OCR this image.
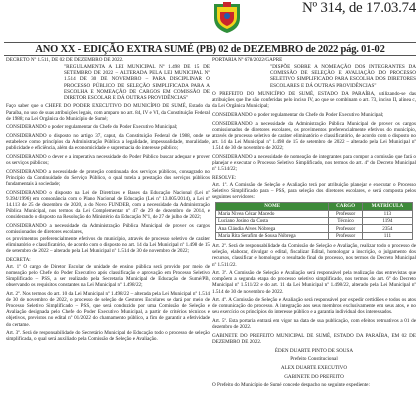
Nº 314, de 17.03.74
ANO XX - EDIÇÃO EXTRA SUMÉ (PB) 02 de DEZEMBRO de 2022 pág. 01-02

DECRETO Nº 1.511, DE 02 DE DEZEMBRO DE 2022.

"REGULAMENTA A LEI MUNICIPAL Nº 1.498 DE 15 DE SETEMBRO DE 2022 – ALTERADA PELA LEI MUNICIPAL Nº 1.514 DE 30 DE NOVEMBRO – PARA DISCIPLINAR O PROCESSO PÚBLICO DE SELEÇÃO SIMPLIFICADA PARA A ESCOLHA E NOMEAÇÃO DE CARGOS EM COMISSÃO DE DIRETOR ESCOLAR E DÁ OUTRAS PROVIDÊNCIAS"

Faço saber que o CHEFE DO PODER EXECUTIVO DO MUNICÍPIO DE SUMÉ, Estado da Paraíba, no uso de suas atribuições legais, com amparo no art. 84, IV e VI, da Constituição Federal de 1988; na Lei Orgânica do Município de Sumé;

CONSIDERANDO o poder regulamentar do Chefe do Poder Executivo Municipal;

CONSIDERANDO o disposto no artigo 37, caput, da Constituição Federal de 1988, onde se estabelece como princípios da Administração Pública a legalidade, impessoalidade, moralidade, publicidade e eficiência, além da economicidade e supremacia do interesse público;

CONSIDERANDO o dever e a imperativa necessidade do Poder Público buscar adequar e prover os serviços públicos;

CONSIDERANDO a necessidade de proteção continuada dos serviços públicos, consagrado no Princípio da Continuidade do Serviço Público, o qual tutela a prestação dos serviços públicos fundamentais à sociedade;

CONSIDERANDO o disposto na Lei de Diretrizes e Bases da Educação Nacional (Lei nº 9.394/1996) em consonância com o Plano Nacional de Educação (Lei nº 13.005/2014), a Lei nº 14.113 de 25 de dezembro de 2020, a do Novo FUNDEB, com a necessidade da Administração Pública Municipal, nos termos da Lei Complementar nº 47 de 29 de dezembro de 2014, e considerando o disposto na Resolução do Ministério da Educação Nº1, de 27 de julho de 2022;

CONSIDERANDO a necessidade da Administração Pública Municipal de prover os cargos comissionados de diretores escolares,

os provimentos preferencialmente efetivos do município, através de processo seletivo de caráter eliminatório e classificatório, de acordo com o disposto no art. 14 da Lei Municipal nº 1.498 de 15 de setembro de 2022 – alterado pela Lei Municipal nº 1.514 de 30 de novembro de 2022;

DECRETA:

Art. 1º O cargo de Diretor Escolar de unidade de ensino pública será provido por meio de nomeação pelo Chefe do Poder Executivo após classificação e aprovação em Processo Seletivo Simplificado – PSS, a ser realizado pela Secretaria Municipal de Educação de Sumé/PB, observando os requisitos constantes na Lei Municipal nº 1.498/22;

Art. 2º. Nos termos do art. 10 da Lei Municipal nº 1.498/22 – alterada pela Lei Municipal nº 1.514 de 30 de novembro de 2022, o processo de seleção de Gestores Escolares se dará por meio de Processo Seletivo Simplificado – PSS, que será conduzido por uma Comissão de Seleção e Avaliação designada pelo Chefe do Poder Executivo Municipal, a partir de critérios técnicos e objetivos, previstos no edital nº 01/2022 do chamamento público, a fim de garantir a efetividade do certame.

Art. 3º. Será de responsabilidade do Secretário Municipal de Educação todo o processo de seleção simplificada, o qual será auxiliado pela Comissão de Seleção e Avaliação.

PORTARIA Nº 678/2022/GAPRE

"DISPÕE SOBRE A NOMEAÇÃO DOS INTEGRANTES DA COMISSÃO DE SELEÇÃO E AVALIAÇÃO DO PROCESSO SELETIVO SIMPLIFICADO PARA ESCOLHA DOS DIRETORES ESCOLARES E DÁ OUTRAS PROVIDÊNCIAS"

O PREFEITO DO MUNICÍPIO DE SUMÉ, ESTADO DA PARAÍBA, utilizando-se das atribuições que lhe são conferidas pelo inciso IV, ao que se combinam o art. 73, inciso II, alínea c, da Lei Orgânica Municipal;

CONSIDERANDO o poder regulamentar do Chefe do Poder Executivo Municipal;

CONSIDERANDO a necessidade da Administração Pública Municipal de prover os cargos comissionados de diretores escolares, os provimentos preferencialmente efetivos do município, através de processo seletivo de caráter eliminatório e classificatório, de acordo com o disposto no art. 14 da Lei Municipal nº 1.498 de 15 de setembro de 2022 – alterado pela Lei Municipal nº 1.514 de 30 de novembro de 2022;

CONSIDERANDO a necessidade de nomeação de integrantes para compor a comissão que fará o planejar e executar o Processo Seletivo Simplificado, nos termos do art. 4º do Decreto Municipal nº 1.514/22;

RESOLVE:

Art. 1º. A Comissão de Seleção e Avaliação terá por atribuição planejar e executar o Processo Seletivo Simplificado para – PSS, para seleção dos diretores escolares, e será composta pelos seguintes servidores:

NOME	CARGO	MATRÍCULA
Maria Nivea Cézar Macedo	Professor	113
Luciano Josino da Costa	Técnico	1194
Ana Cláudia Alves Nóbrega	Professor	2354
Maria Rita Serafim de Sousa Nóbrega	Professor	111

Art. 2º. Será de responsabilidade da Comissão de Seleção e Avaliação, realizar todo o processo de seleção, elaborar, divulgar o edital, fiscalizar Edital, homologar a inscrição, o julgamento dos recursos, classificar e homologar o resultado final do processo, nos termos do Decreto Municipal nº 1.511/22.

Art. 3º. A Comissão de Seleção e Avaliação será responsável pela realização das entrevistas que compõem a segunda etapa do processo seletivo simplificado, nos termos do art. 6º do Decreto Municipal nº 1.511/22 e do art. 11 da Lei Municipal nº 1.498/22, alterado pela Lei Municipal nº 1.514 de 30 de novembro de 2022.

Art. 4º. A Comissão de Seleção e Avaliação será responsável por expedir certidões e todos os atos de comunicação do processo. A integração aos seus membros exclusivamente em seus atos, e no seu exercício os princípios do interesse público e a garantia individual dos interessados.

Art. 5º. Esta portaria entrará em vigor na data de sua publicação, com efeitos retroativos a 01 de dezembro de 2022.

GABINETE DO PREFEITO MUNICIPAL DE SUMÉ, ESTADO DA PARAÍBA, EM 02 DE DEZEMBRO DE 2022.

ÉDEN DUARTE PINTO DE SOUSA

Prefeito Constitucional

ALEX DUARTE EXECUTIVO

GABINETE DO PREFEITO

O Prefeito do Município de Sumé concede despacho no seguinte expediente:
